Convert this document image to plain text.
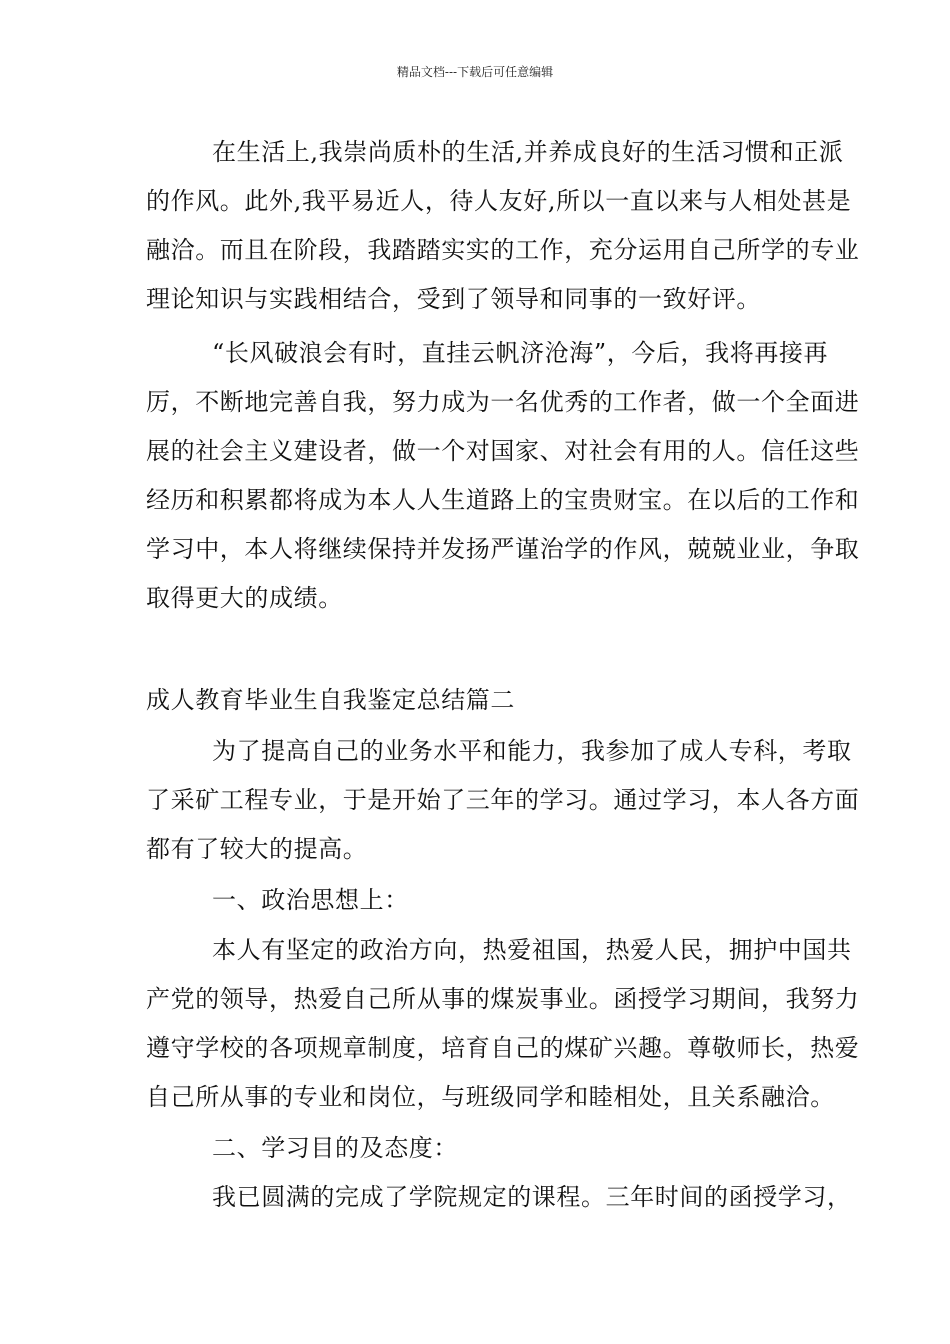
精品文档---下载后可任意编辑
在生活上,我崇尚质朴的生活,并养成良好的生活习惯和正派
的作风。此外,我平易近人，待人友好,所以一直以来与人相处甚是
融洽。而且在阶段，我踏踏实实的工作，充分运用自己所学的专业
理论知识与实践相结合，受到了领导和同事的一致好评。
“长风破浪会有时，直挂云帆济沧海”，今后，我将再接再
厉，不断地完善自我，努力成为一名优秀的工作者，做一个全面进
展的社会主义建设者，做一个对国家、对社会有用的人。信任这些
经历和积累都将成为本人人生道路上的宝贵财宝。在以后的工作和
学习中，本人将继续保持并发扬严谨治学的作风，兢兢业业，争取
取得更大的成绩。
成人教育毕业生自我鉴定总结篇二
为了提高自己的业务水平和能力，我参加了成人专科，考取
了采矿工程专业，于是开始了三年的学习。通过学习，本人各方面
都有了较大的提高。
一、政治思想上：
本人有坚定的政治方向，热爱祖国，热爱人民，拥护中国共
产党的领导，热爱自己所从事的煤炭事业。函授学习期间，我努力
遵守学校的各项规章制度，培育自己的煤矿兴趣。尊敬师长，热爱
自己所从事的专业和岗位，与班级同学和睦相处，且关系融洽。
二、学习目的及态度：
我已圆满的完成了学院规定的课程。三年时间的函授学习，
